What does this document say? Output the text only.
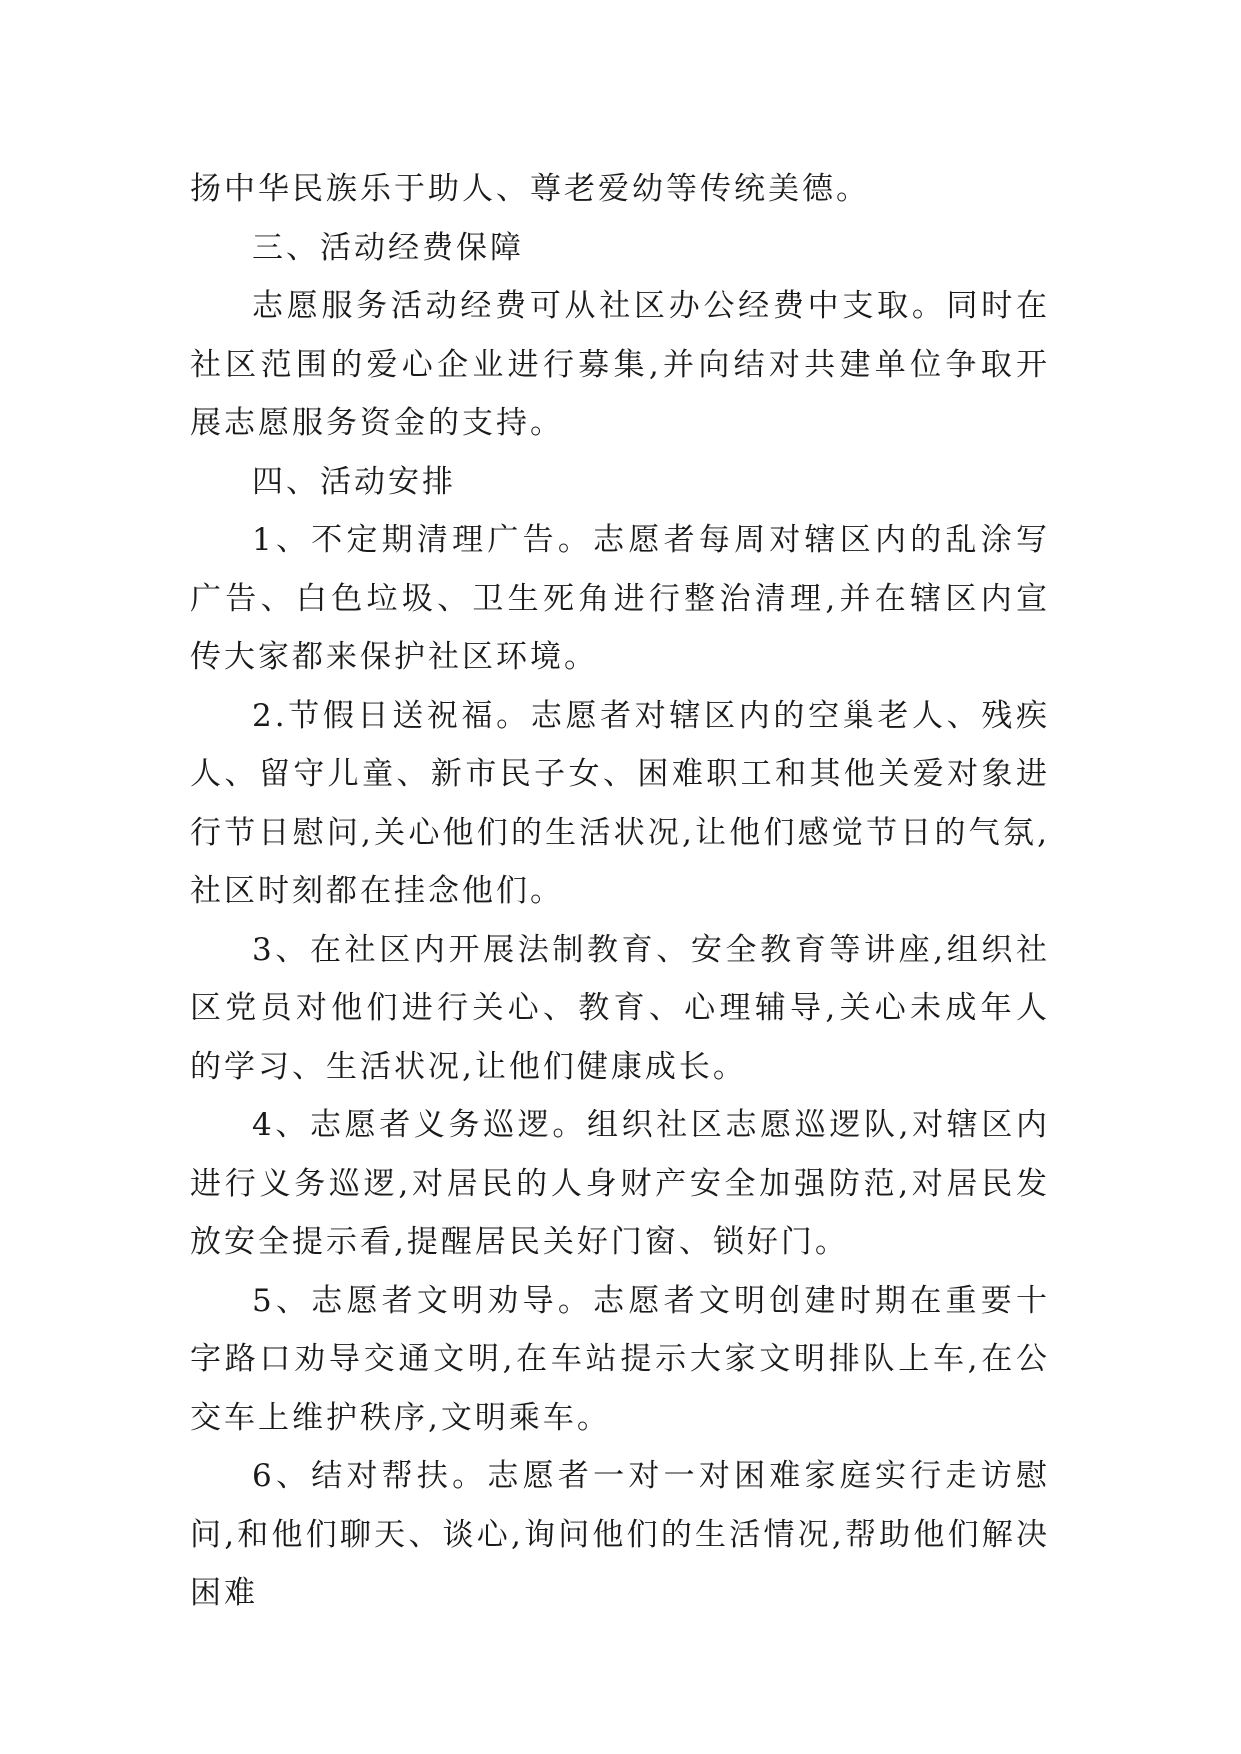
扬中华民族乐于助人、尊老爱幼等传统美德。

三、活动经费保障

志愿服务活动经费可从社区办公经费中支取。同时在社区范围的爱心企业进行募集,并向结对共建单位争取开展志愿服务资金的支持。

四、活动安排

1、不定期清理广告。志愿者每周对辖区内的乱涂写广告、白色垃圾、卫生死角进行整治清理,并在辖区内宣传大家都来保护社区环境。

2.节假日送祝福。志愿者对辖区内的空巢老人、残疾人、留守儿童、新市民子女、困难职工和其他关爱对象进行节日慰问,关心他们的生活状况,让他们感觉节日的气氛,社区时刻都在挂念他们。

3、在社区内开展法制教育、安全教育等讲座,组织社区党员对他们进行关心、教育、心理辅导,关心未成年人的学习、生活状况,让他们健康成长。

4、志愿者义务巡逻。组织社区志愿巡逻队,对辖区内进行义务巡逻,对居民的人身财产安全加强防范,对居民发放安全提示看,提醒居民关好门窗、锁好门。

5、志愿者文明劝导。志愿者文明创建时期在重要十字路口劝导交通文明,在车站提示大家文明排队上车,在公交车上维护秩序,文明乘车。

6、结对帮扶。志愿者一对一对困难家庭实行走访慰问,和他们聊天、谈心,询问他们的生活情况,帮助他们解决困难
